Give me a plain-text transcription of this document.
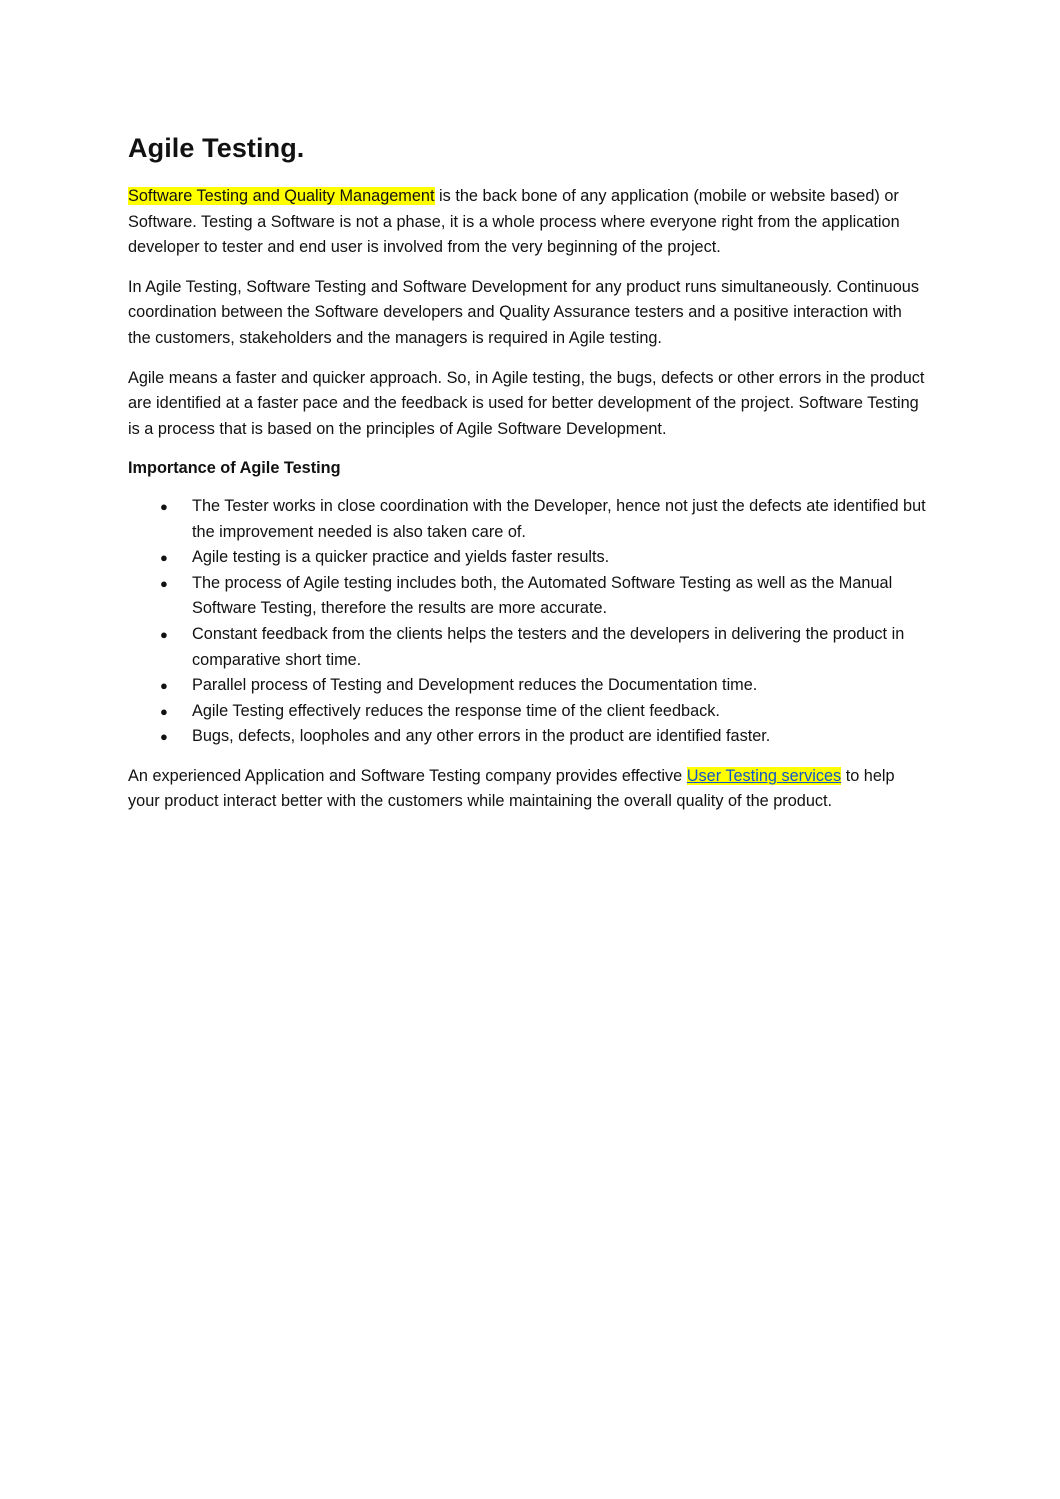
Agile Testing.

Software Testing and Quality Management is the back bone of any application (mobile or website based) or Software. Testing a Software is not a phase, it is a whole process where everyone right from the application developer to tester and end user is involved from the very beginning of the project.

In Agile Testing, Software Testing and Software Development for any product runs simultaneously. Continuous coordination between the Software developers and Quality Assurance testers and a positive interaction with the customers, stakeholders and the managers is required in Agile testing.

Agile means a faster and quicker approach. So, in Agile testing, the bugs, defects or other errors in the product are identified at a faster pace and the feedback is used for better development of the project. Software Testing is a process that is based on the principles of Agile Software Development.

Importance of Agile Testing

● The Tester works in close coordination with the Developer, hence not just the defects ate identified but the improvement needed is also taken care of.
● Agile testing is a quicker practice and yields faster results.
● The process of Agile testing includes both, the Automated Software Testing as well as the Manual Software Testing, therefore the results are more accurate.
● Constant feedback from the clients helps the testers and the developers in delivering the product in comparative short time.
● Parallel process of Testing and Development reduces the Documentation time.
● Agile Testing effectively reduces the response time of the client feedback.
● Bugs, defects, loopholes and any other errors in the product are identified faster.

An experienced Application and Software Testing company provides effective User Testing services to help your product interact better with the customers while maintaining the overall quality of the product.
